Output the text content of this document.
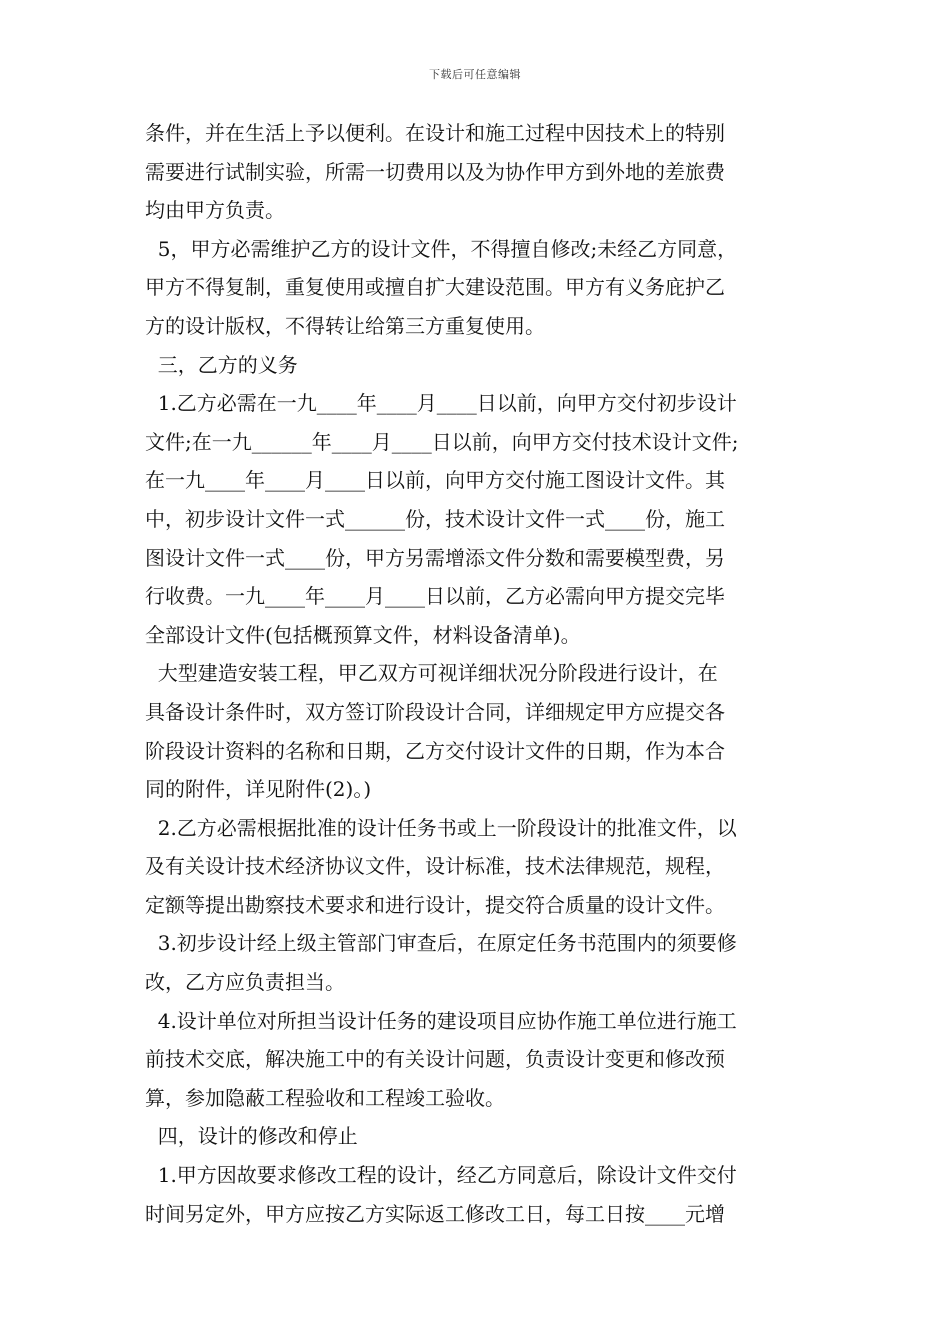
下载后可任意编辑
条件，并在生活上予以便利。在设计和施工过程中因技术上的特别
需要进行试制实验，所需一切费用以及为协作甲方到外地的差旅费
均由甲方负责。
5，甲方必需维护乙方的设计文件，不得擅自修改;未经乙方同意，
甲方不得复制，重复使用或擅自扩大建设范围。甲方有义务庇护乙
方的设计版权，不得转让给第三方重复使用。
三，乙方的义务
1.乙方必需在一九____年____月____日以前，向甲方交付初步设计
文件;在一九______年____月____日以前，向甲方交付技术设计文件;
在一九____年____月____日以前，向甲方交付施工图设计文件。其
中，初步设计文件一式______份，技术设计文件一式____份，施工
图设计文件一式____份，甲方另需增添文件分数和需要模型费，另
行收费。一九____年____月____日以前，乙方必需向甲方提交完毕
全部设计文件(包括概预算文件，材料设备清单)。
大型建造安装工程，甲乙双方可视详细状况分阶段进行设计，在
具备设计条件时，双方签订阶段设计合同，详细规定甲方应提交各
阶段设计资料的名称和日期，乙方交付设计文件的日期，作为本合
同的附件，详见附件(2)。)
2.乙方必需根据批准的设计任务书或上一阶段设计的批准文件，以
及有关设计技术经济协议文件，设计标准，技术法律规范，规程，
定额等提出勘察技术要求和进行设计，提交符合质量的设计文件。
3.初步设计经上级主管部门审查后，在原定任务书范围内的须要修
改，乙方应负责担当。
4.设计单位对所担当设计任务的建设项目应协作施工单位进行施工
前技术交底，解决施工中的有关设计问题，负责设计变更和修改预
算，参加隐蔽工程验收和工程竣工验收。
四，设计的修改和停止
1.甲方因故要求修改工程的设计，经乙方同意后，除设计文件交付
时间另定外，甲方应按乙方实际返工修改工日，每工日按____元增
